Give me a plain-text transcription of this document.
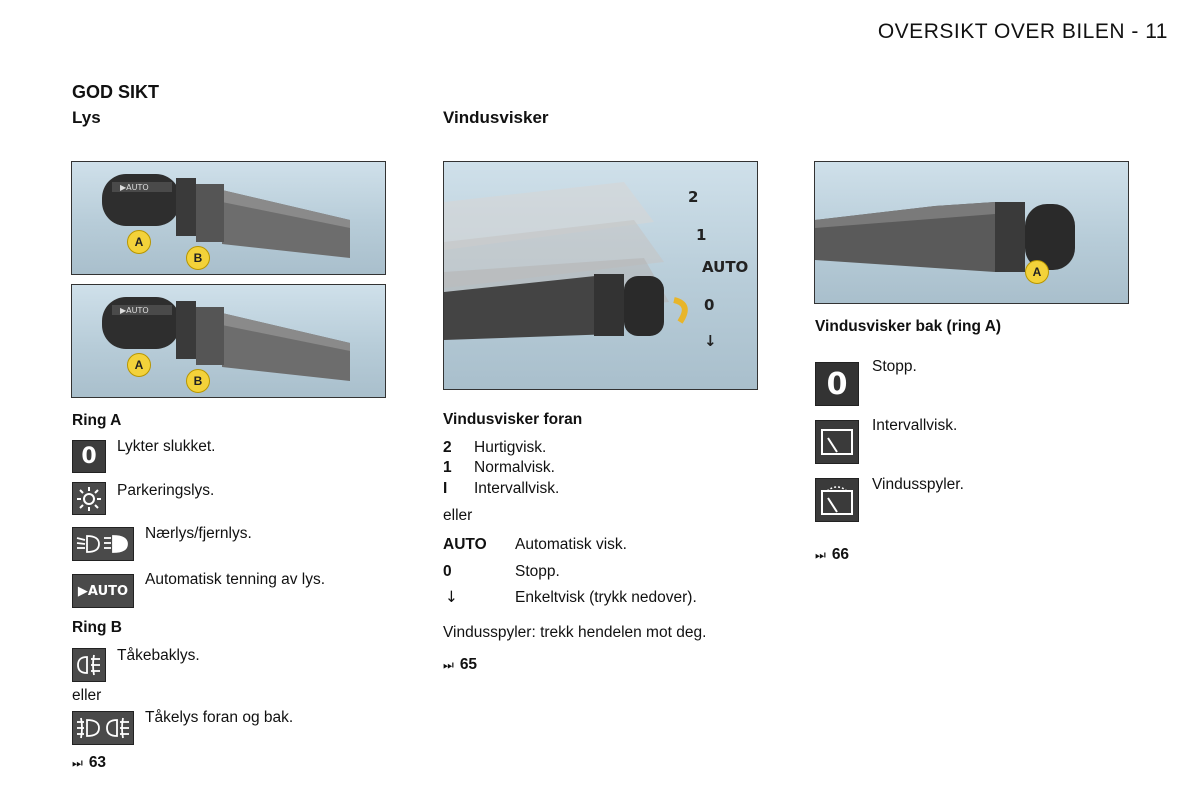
OVERSIKT OVER BILEN - 11
GOD SIKT
Lys
▶AUTO
A
B
▶AUTO
A
B
Ring A
0	Lykter slukket.
Parkeringslys.
Nærlys/fjernlys.
▶AUTO
Automatisk tenning av lys.
Ring B
Tåkebaklys.
eller
Tåkelys foran og bak.
⏭ 63
Vindusvisker
2
1
AUTO
0
↓
Vindusvisker foran
2 Hurtigvisk.
1 Normalvisk.
I Intervallvisk.
eller
AUTO Automatisk visk.
0	Stopp.
↓	Enkeltvisk (trykk nedover).
Vindusspyler: trekk hendelen mot deg.
⏭ 65
A
Vindusvisker bak (ring A)
0	Stopp.
Intervallvisk.
Vindusspyler.
⏭ 66
